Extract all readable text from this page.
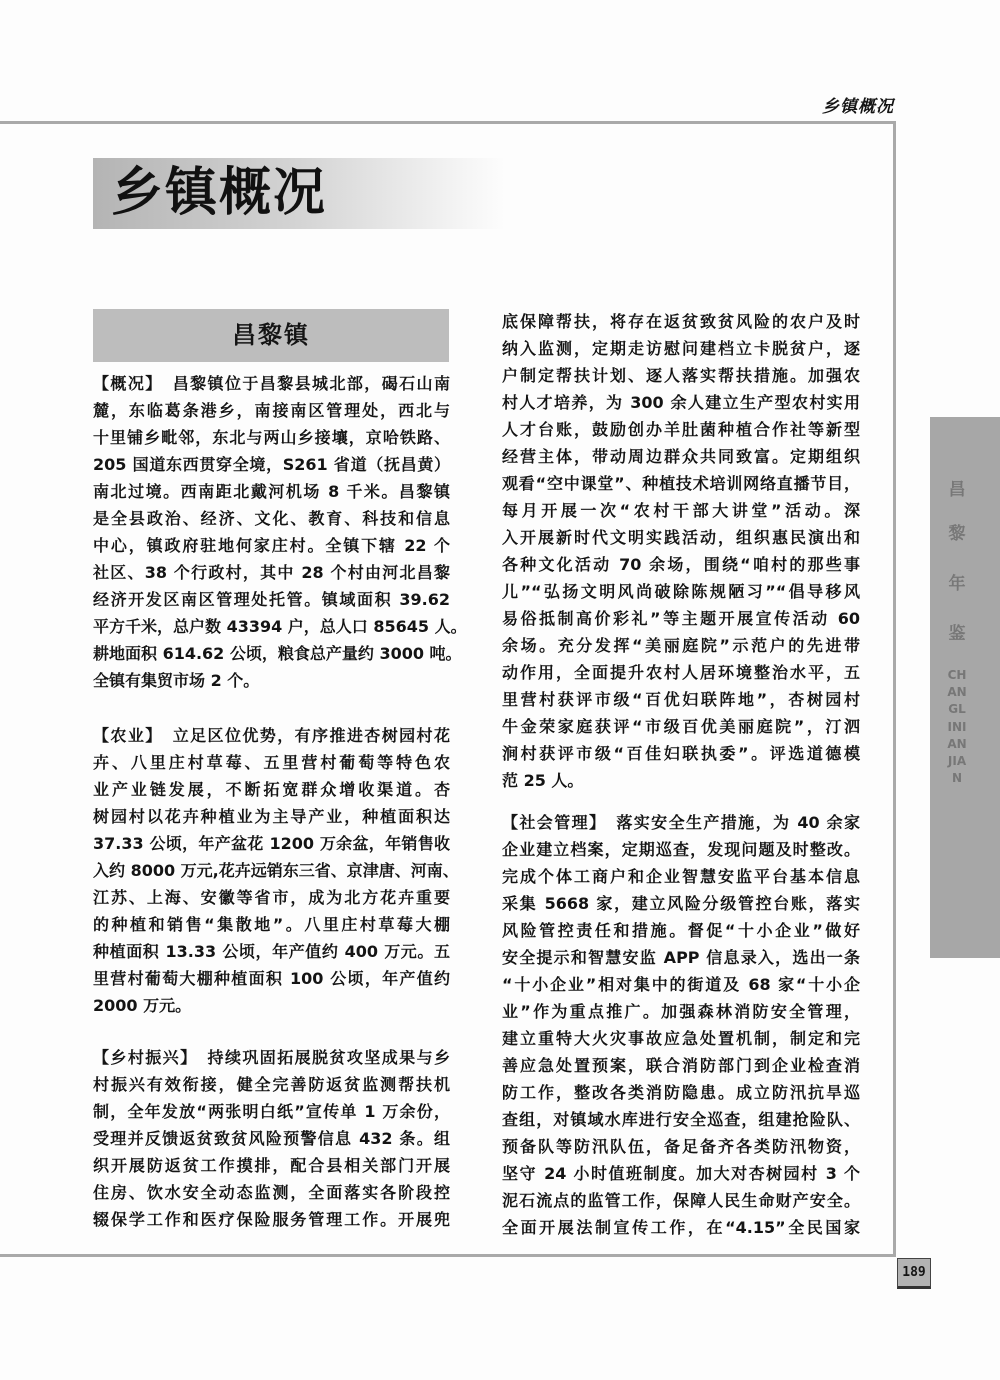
乡镇概况
乡镇概况
昌黎镇
【概况】 昌黎镇位于昌黎县城北部，碣石山南
麓，东临葛条港乡，南接南区管理处，西北与
十里铺乡毗邻，东北与两山乡接壤，京哈铁路、
205 国道东西贯穿全境，S261 省道（抚昌黄）
南北过境。西南距北戴河机场 8 千米。昌黎镇
是全县政治、经济、文化、教育、科技和信息
中心，镇政府驻地何家庄村。全镇下辖 22 个
社区、38 个行政村，其中 28 个村由河北昌黎
经济开发区南区管理处托管。镇域面积 39.62
平方千米，总户数 43394 户，总人口 85645 人。
耕地面积 614.62 公顷，粮食总产量约 3000 吨。
全镇有集贸市场 2 个。
【农业】 立足区位优势，有序推进杏树园村花
卉、八里庄村草莓、五里营村葡萄等特色农
业产业链发展，不断拓宽群众增收渠道。杏
树园村以花卉种植业为主导产业，种植面积达
37.33 公顷，年产盆花 1200 万余盆，年销售收
入约 8000 万元,花卉远销东三省、京津唐、河南、
江苏、上海、安徽等省市，成为北方花卉重要
的种植和销售“集散地”。八里庄村草莓大棚
种植面积 13.33 公顷，年产值约 400 万元。五
里营村葡萄大棚种植面积 100 公顷，年产值约
2000 万元。
【乡村振兴】 持续巩固拓展脱贫攻坚成果与乡
村振兴有效衔接，健全完善防返贫监测帮扶机
制，全年发放“两张明白纸”宣传单 1 万余份，
受理并反馈返贫致贫风险预警信息 432 条。组
织开展防返贫工作摸排，配合县相关部门开展
住房、饮水安全动态监测，全面落实各阶段控
辍保学工作和医疗保险服务管理工作。开展兜
底保障帮扶，将存在返贫致贫风险的农户及时
纳入监测，定期走访慰问建档立卡脱贫户，逐
户制定帮扶计划、逐人落实帮扶措施。加强农
村人才培养，为 300 余人建立生产型农村实用
人才台账，鼓励创办羊肚菌种植合作社等新型
经营主体，带动周边群众共同致富。定期组织
观看“空中课堂”、种植技术培训网络直播节目，
每月开展一次“农村干部大讲堂”活动。深
入开展新时代文明实践活动，组织惠民演出和
各种文化活动 70 余场，围绕“咱村的那些事
儿”“弘扬文明风尚破除陈规陋习”“倡导移风
易俗抵制高价彩礼”等主题开展宣传活动 60
余场。充分发挥“美丽庭院”示范户的先进带
动作用，全面提升农村人居环境整治水平，五
里营村获评市级“百优妇联阵地”，杏树园村
牛金荣家庭获评“市级百优美丽庭院”，汀泗
涧村获评市级“百佳妇联执委”。评选道德模
范 25 人。
【社会管理】 落实安全生产措施，为 40 余家
企业建立档案，定期巡查，发现问题及时整改。
完成个体工商户和企业智慧安监平台基本信息
采集 5668 家，建立风险分级管控台账，落实
风险管控责任和措施。督促“十小企业”做好
安全提示和智慧安监 APP 信息录入，选出一条
“十小企业”相对集中的街道及 68 家“十小企
业”作为重点推广。加强森林消防安全管理，
建立重特大火灾事故应急处置机制，制定和完
善应急处置预案，联合消防部门到企业检查消
防工作，整改各类消防隐患。成立防汛抗旱巡
查组，对镇域水库进行安全巡查，组建抢险队、
预备队等防汛队伍，备足备齐各类防汛物资，
坚守 24 小时值班制度。加大对杏树园村 3 个
泥石流点的监管工作，保障人民生命财产安全。
全面开展法制宣传工作，在“4.15”全民国家
昌
黎
年
鉴
CHANGLINIANJIAN
189
